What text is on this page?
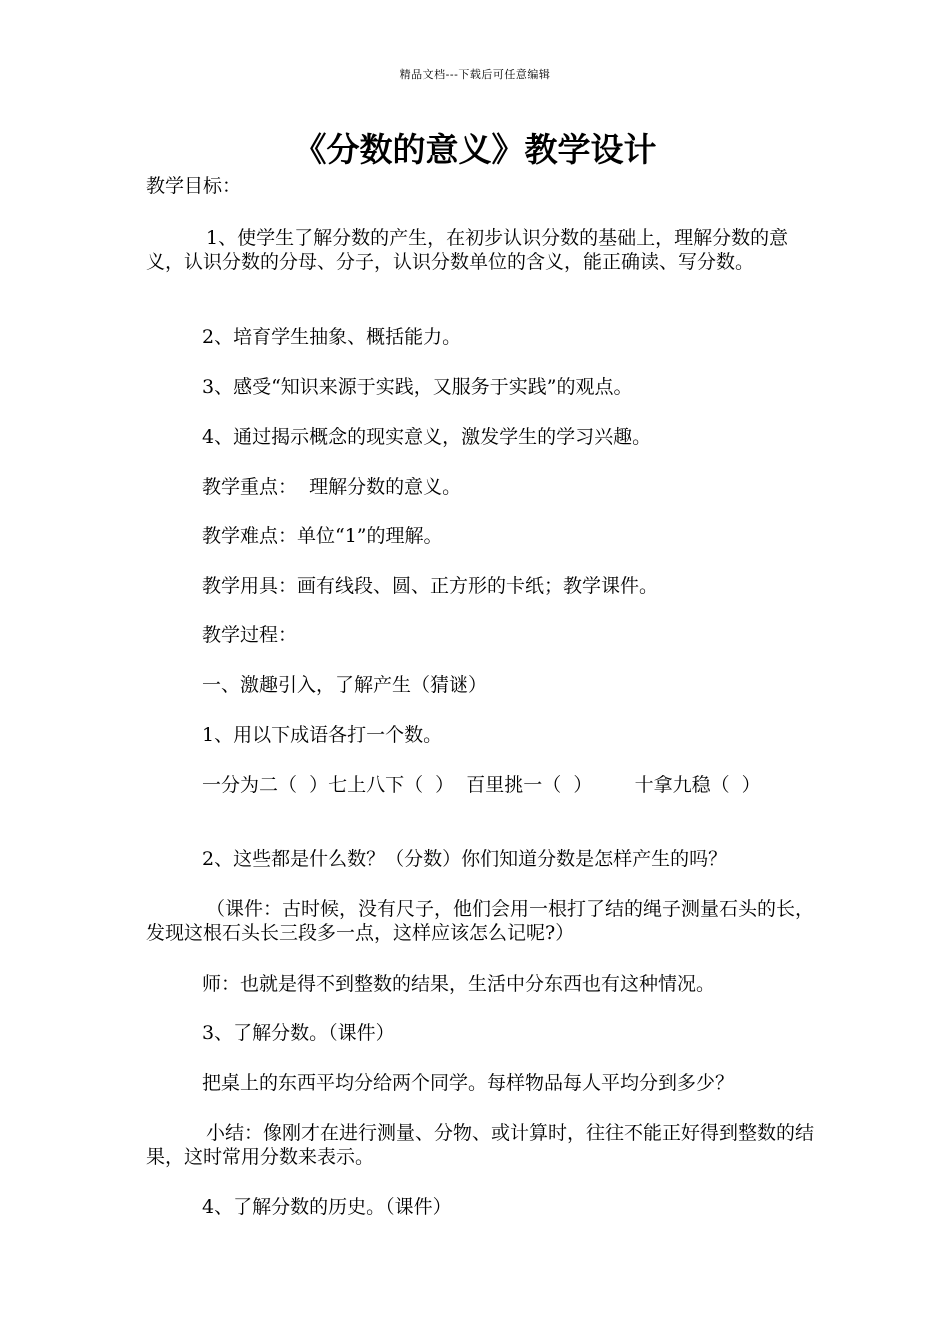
精品文档---下载后可任意编辑
《分数的意义》教学设计

教学目标：

1、使学生了解分数的产生，在初步认识分数的基础上，理解分数的意义，认识分数的分母、分子，认识分数单位的含义，能正确读、写分数。

2、培育学生抽象、概括能力。

3、感受“知识来源于实践，又服务于实践”的观点。

4、通过揭示概念的现实意义，激发学生的学习兴趣。

教学重点：  理解分数的意义。

教学难点：单位“1”的理解。

教学用具：画有线段、圆、正方形的卡纸；教学课件。

教学过程：

一、激趣引入，了解产生（猜谜）

1、用以下成语各打一个数。

一分为二（  ）七上八下（  ）  百里挑一（  ）       十拿九稳（  ）

2、这些都是什么数？（分数）你们知道分数是怎样产生的吗？

（课件：古时候，没有尺子，他们会用一根打了结的绳子测量石头的长，发现这根石头长三段多一点，这样应该怎么记呢?）

师：也就是得不到整数的结果，生活中分东西也有这种情况。

3、了解分数。（课件）

把桌上的东西平均分给两个同学。每样物品每人平均分到多少？

小结：像刚才在进行测量、分物、或计算时，往往不能正好得到整数的结果，这时常用分数来表示。

4、了解分数的历史。（课件）
